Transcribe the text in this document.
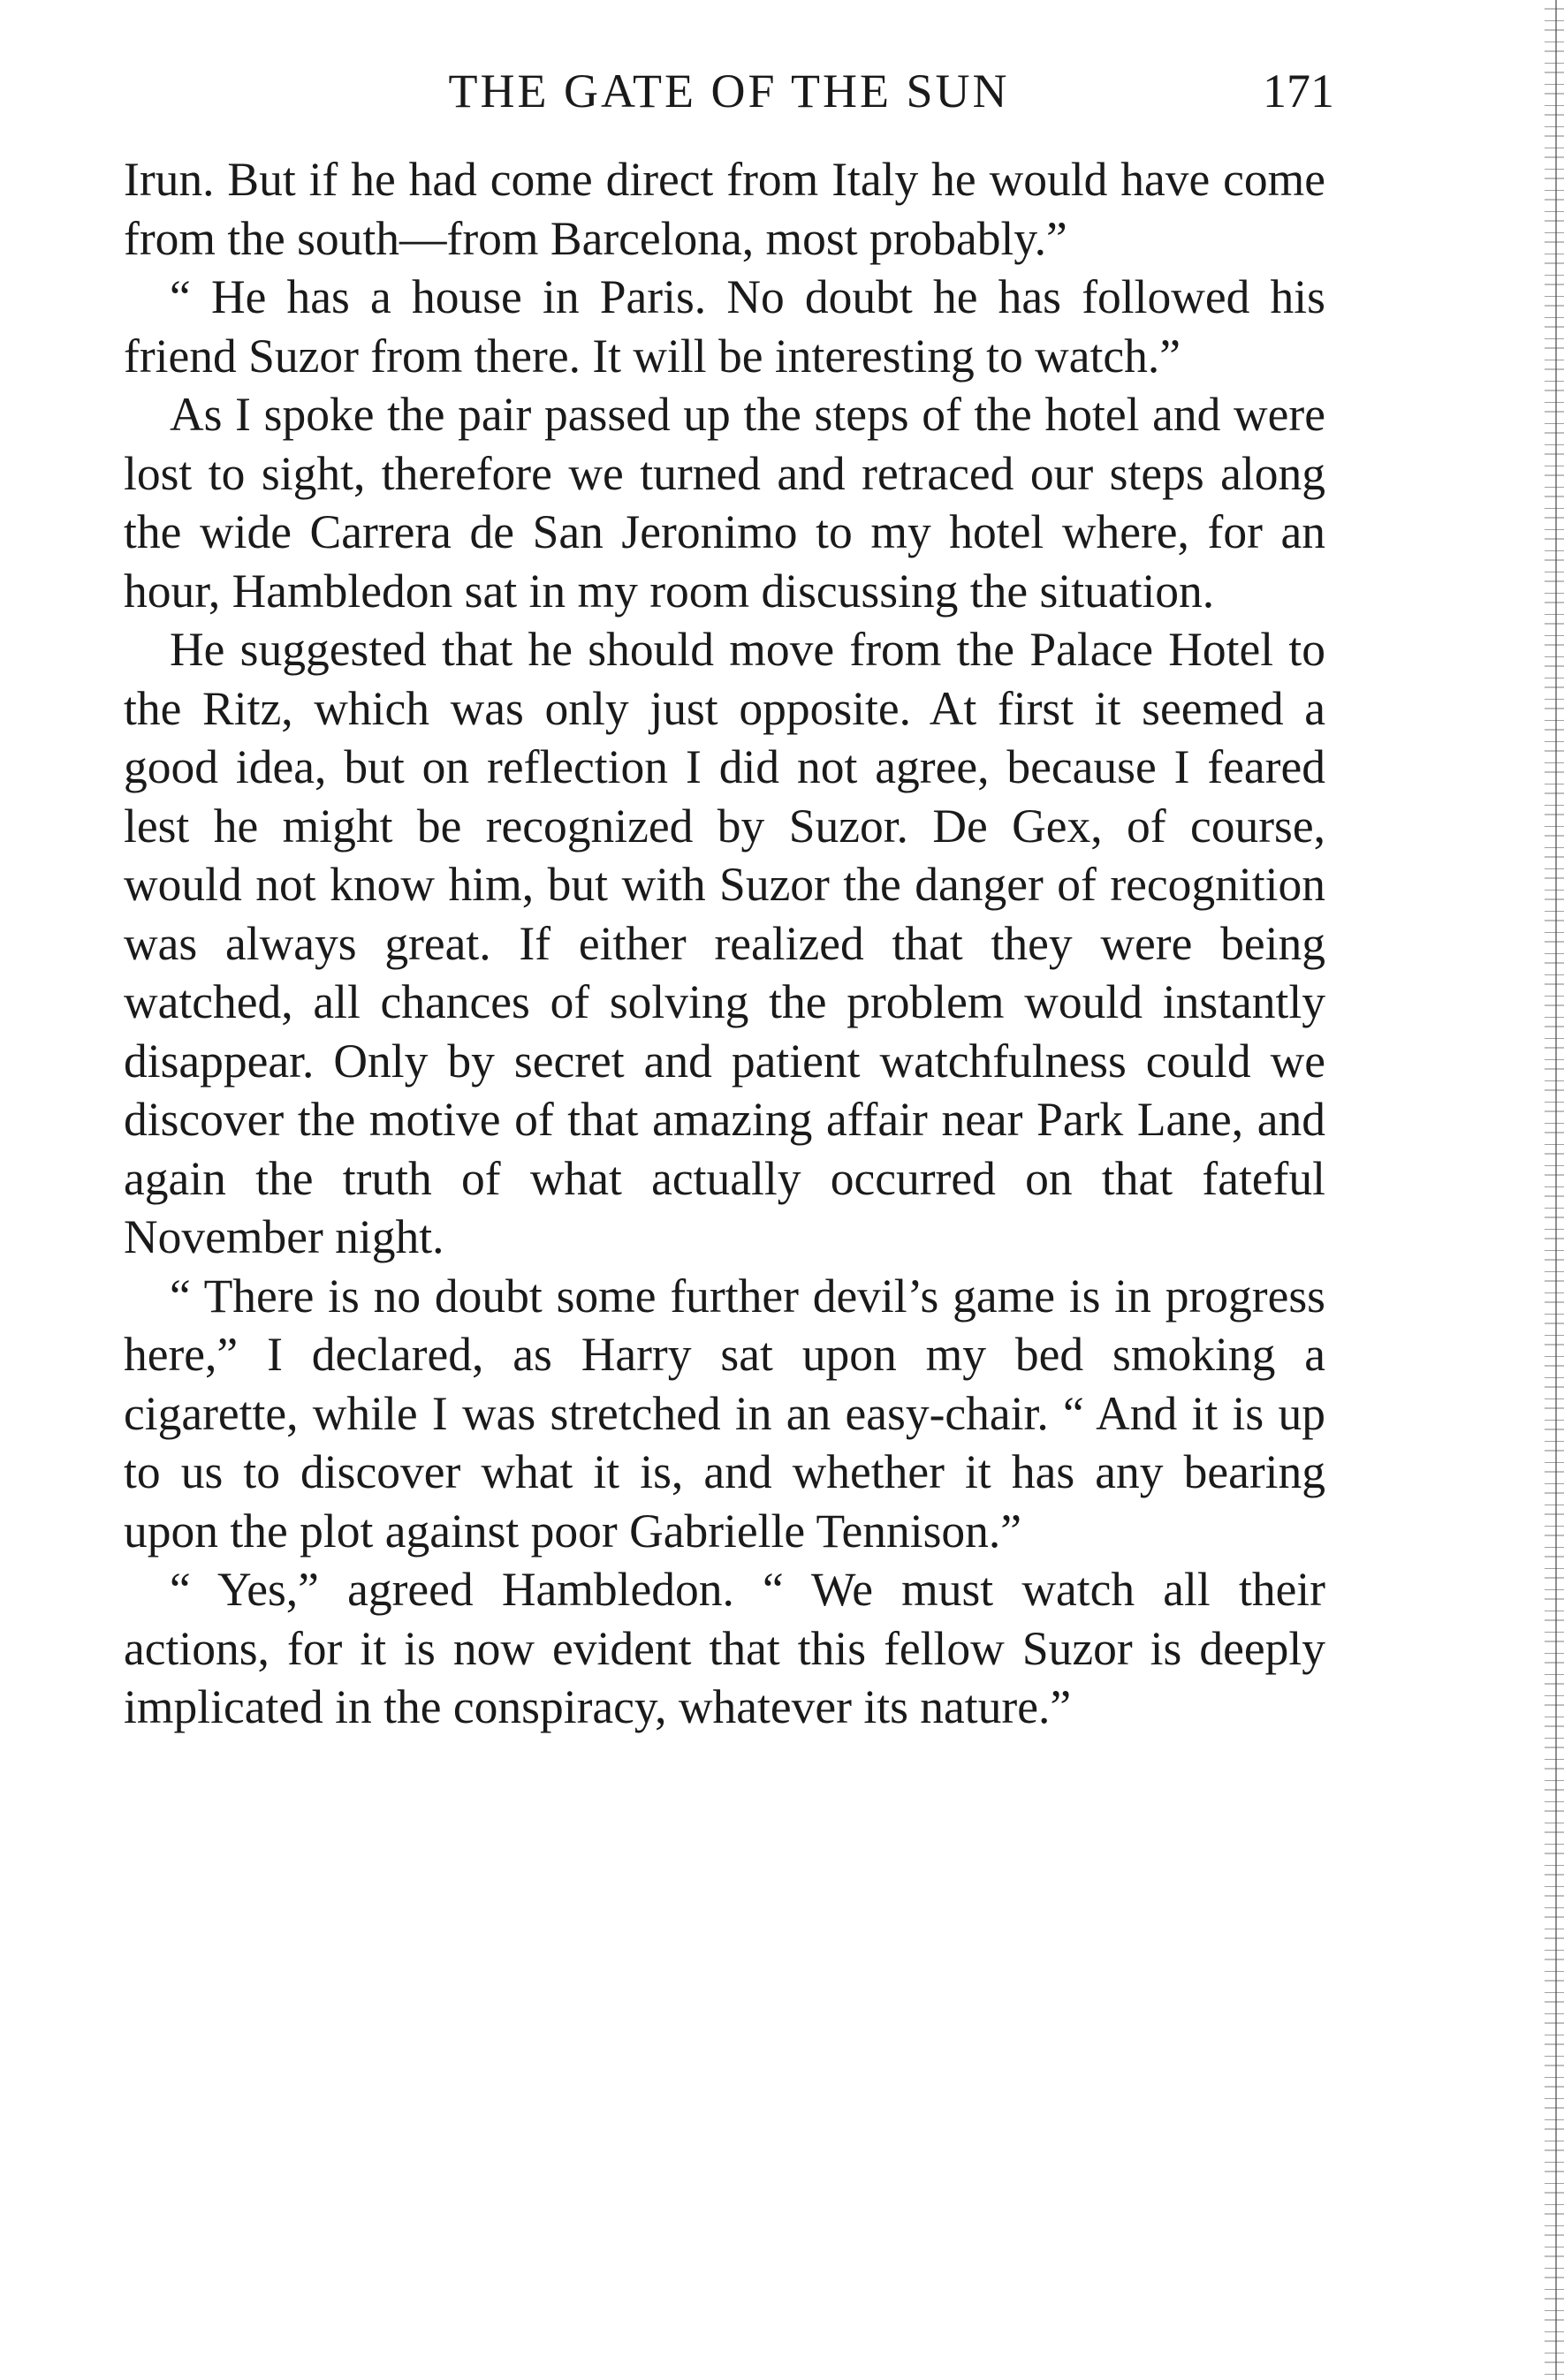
THE GATE OF THE SUN	171

Irun. But if he had come direct from Italy he would have come from the south—from Barcelona, most probably.”

“ He has a house in Paris. No doubt he has followed his friend Suzor from there. It will be interesting to watch.”

As I spoke the pair passed up the steps of the hotel and were lost to sight, therefore we turned and retraced our steps along the wide Carrera de San Jeronimo to my hotel where, for an hour, Hambledon sat in my room discussing the situation.

He suggested that he should move from the Palace Hotel to the Ritz, which was only just opposite. At first it seemed a good idea, but on reflection I did not agree, because I feared lest he might be recognized by Suzor. De Gex, of course, would not know him, but with Suzor the danger of recognition was always great. If either realized that they were being watched, all chances of solving the problem would instantly disappear. Only by secret and patient watchfulness could we discover the motive of that amazing affair near Park Lane, and again the truth of what actually occurred on that fateful November night.

“ There is no doubt some further devil’s game is in progress here,” I declared, as Harry sat upon my bed smoking a cigarette, while I was stretched in an easy-chair. “ And it is up to us to discover what it is, and whether it has any bearing upon the plot against poor Gabrielle Tennison.”

“ Yes,” agreed Hambledon. “ We must watch all their actions, for it is now evident that this fellow Suzor is deeply implicated in the conspiracy, whatever its nature.”
